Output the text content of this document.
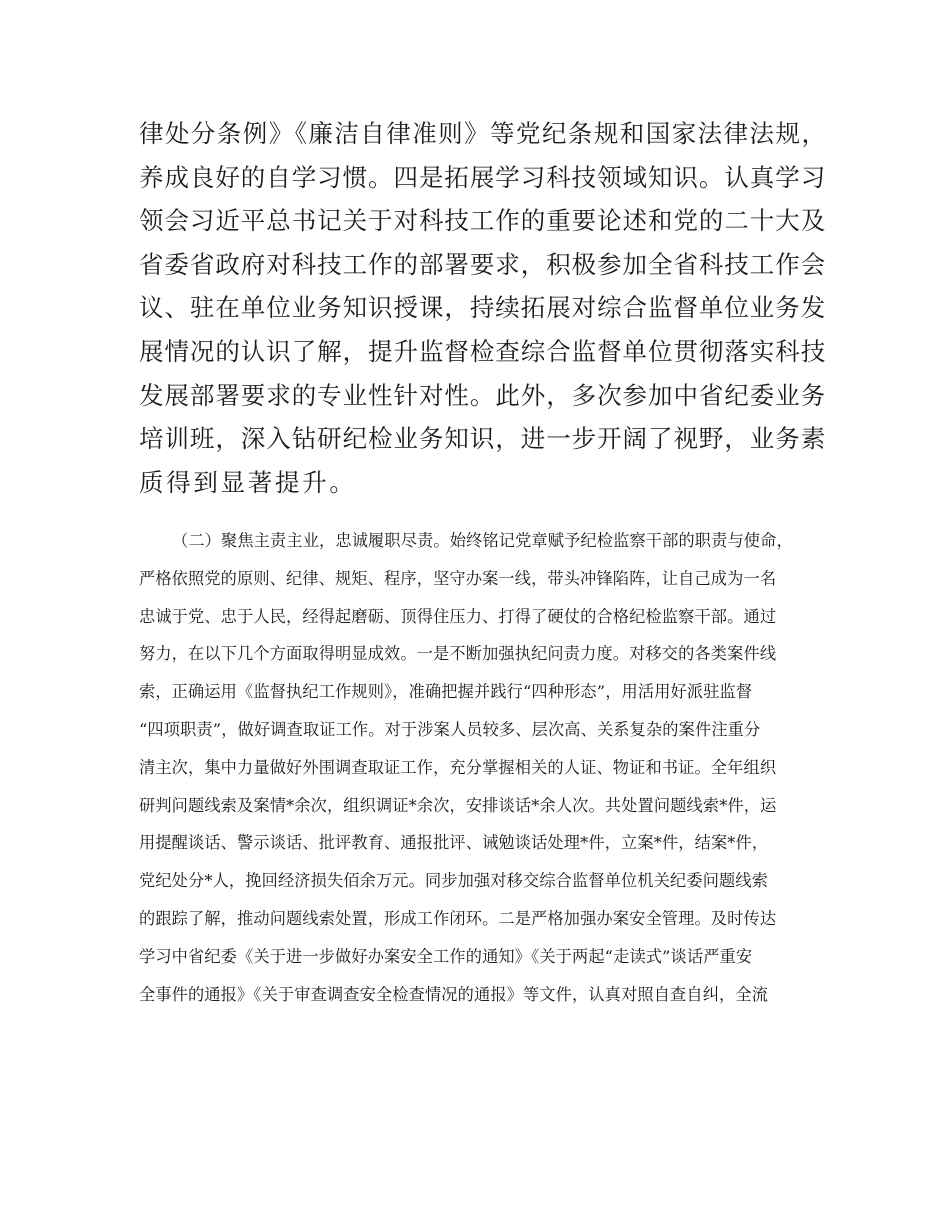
律处分条例》《廉洁自律准则》等党纪条规和国家法律法规，
养成良好的自学习惯。四是拓展学习科技领域知识。认真学习
领会习近平总书记关于对科技工作的重要论述和党的二十大及
省委省政府对科技工作的部署要求，积极参加全省科技工作会
议、驻在单位业务知识授课，持续拓展对综合监督单位业务发
展情况的认识了解，提升监督检查综合监督单位贯彻落实科技
发展部署要求的专业性针对性。此外，多次参加中省纪委业务
培训班，深入钻研纪检业务知识，进一步开阔了视野，业务素
质得到显著提升。
（二）聚焦主责主业，忠诚履职尽责。始终铭记党章赋予纪检监察干部的职责与使命，
严格依照党的原则、纪律、规矩、程序，坚守办案一线，带头冲锋陷阵，让自己成为一名
忠诚于党、忠于人民，经得起磨砺、顶得住压力、打得了硬仗的合格纪检监察干部。通过
努力，在以下几个方面取得明显成效。一是不断加强执纪问责力度。对移交的各类案件线
索，正确运用《监督执纪工作规则》，准确把握并践行“四种形态”，用活用好派驻监督
“四项职责”，做好调查取证工作。对于涉案人员较多、层次高、关系复杂的案件注重分
清主次，集中力量做好外围调查取证工作，充分掌握相关的人证、物证和书证。全年组织
研判问题线索及案情*余次，组织调证*余次，安排谈话*余人次。共处置问题线索*件，运
用提醒谈话、警示谈话、批评教育、通报批评、诫勉谈话处理*件，立案*件，结案*件，
党纪处分*人，挽回经济损失佰余万元。同步加强对移交综合监督单位机关纪委问题线索
的跟踪了解，推动问题线索处置，形成工作闭环。二是严格加强办案安全管理。及时传达
学习中省纪委《关于进一步做好办案安全工作的通知》《关于两起“走读式”谈话严重安
全事件的通报》《关于审查调查安全检查情况的通报》等文件，认真对照自查自纠，全流
